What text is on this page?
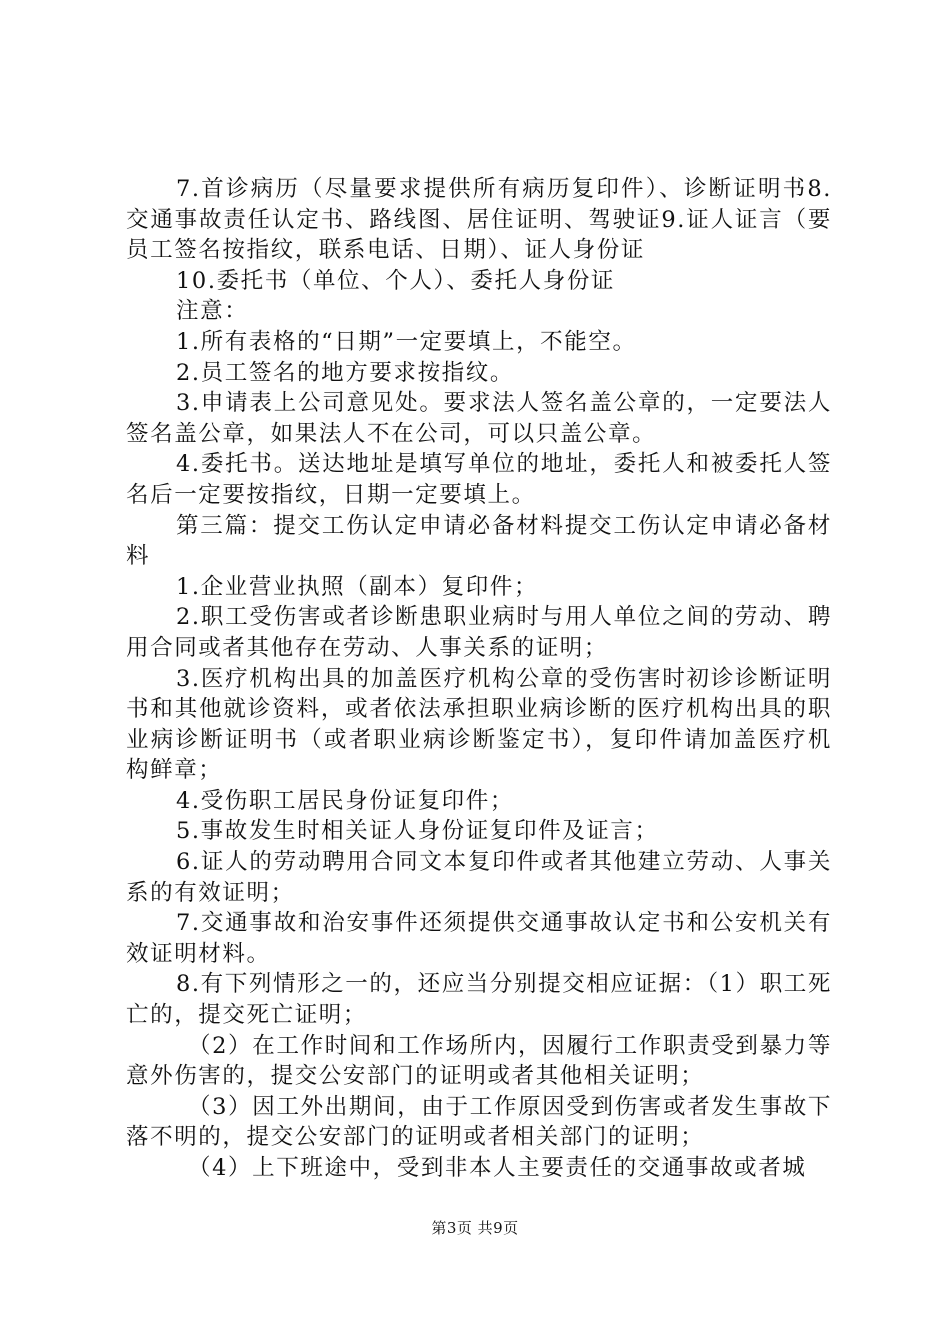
7.首诊病历（尽量要求提供所有病历复印件）、诊断证明书8.交通事故责任认定书、路线图、居住证明、驾驶证9.证人证言（要员工签名按指纹，联系电话、日期）、证人身份证

10.委托书（单位、个人）、委托人身份证

注意：

1.所有表格的“日期”一定要填上，不能空。

2.员工签名的地方要求按指纹。

3.申请表上公司意见处。要求法人签名盖公章的，一定要法人签名盖公章，如果法人不在公司，可以只盖公章。

4.委托书。送达地址是填写单位的地址，委托人和被委托人签名后一定要按指纹，日期一定要填上。

第三篇：提交工伤认定申请必备材料提交工伤认定申请必备材料

1.企业营业执照（副本）复印件；

2.职工受伤害或者诊断患职业病时与用人单位之间的劳动、聘用合同或者其他存在劳动、人事关系的证明；

3.医疗机构出具的加盖医疗机构公章的受伤害时初诊诊断证明书和其他就诊资料，或者依法承担职业病诊断的医疗机构出具的职业病诊断证明书（或者职业病诊断鉴定书），复印件请加盖医疗机构鲜章；

4.受伤职工居民身份证复印件；

5.事故发生时相关证人身份证复印件及证言；

6.证人的劳动聘用合同文本复印件或者其他建立劳动、人事关系的有效证明；

7.交通事故和治安事件还须提供交通事故认定书和公安机关有效证明材料。

8.有下列情形之一的，还应当分别提交相应证据：（1）职工死亡的，提交死亡证明；

（2）在工作时间和工作场所内，因履行工作职责受到暴力等意外伤害的，提交公安部门的证明或者其他相关证明；

（3）因工外出期间，由于工作原因受到伤害或者发生事故下落不明的，提交公安部门的证明或者相关部门的证明；

（4）上下班途中，受到非本人主要责任的交通事故或者城

第3页 共9页
